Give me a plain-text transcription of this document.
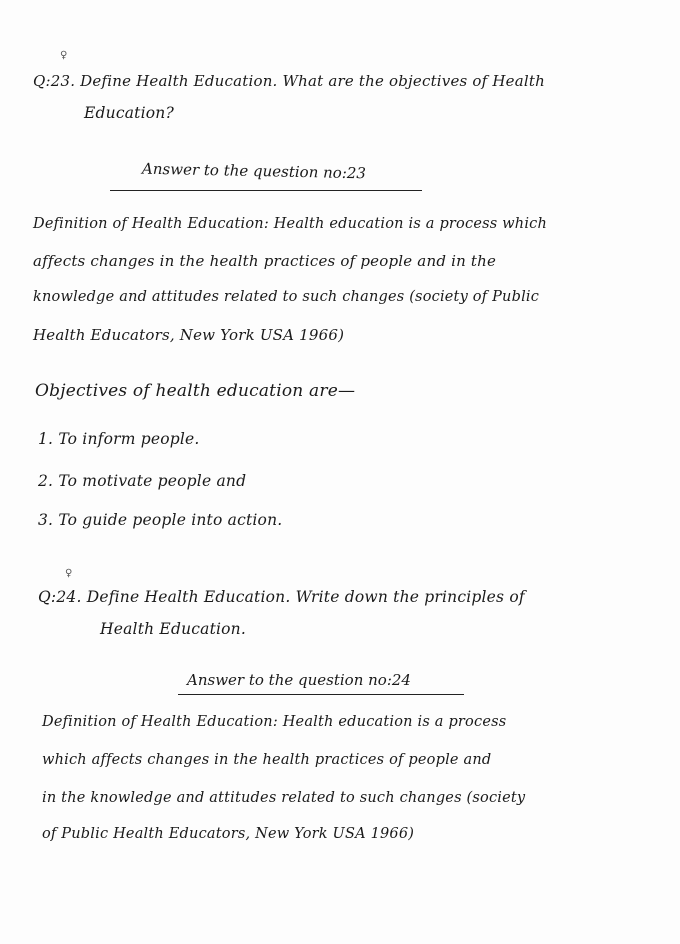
♀
Q:23. Define Health Education. What are the objectives of Health
Education?
Answer to the question no:23
Definition of Health Education: Health education is a process which
affects changes in the health practices of people and in the
knowledge and attitudes related to such changes (society of Public
Health Educators, New York USA 1966)
Objectives of health education are—
1. To inform people.
2. To motivate people and
3. To guide people into action.
♀
Q:24. Define Health Education. Write down the principles of
Health Education.
Answer to the question no:24
Definition of Health Education: Health education is a process
which affects changes in the health practices of people and
in the knowledge and attitudes related to such changes (society
of Public Health Educators, New York USA 1966)
